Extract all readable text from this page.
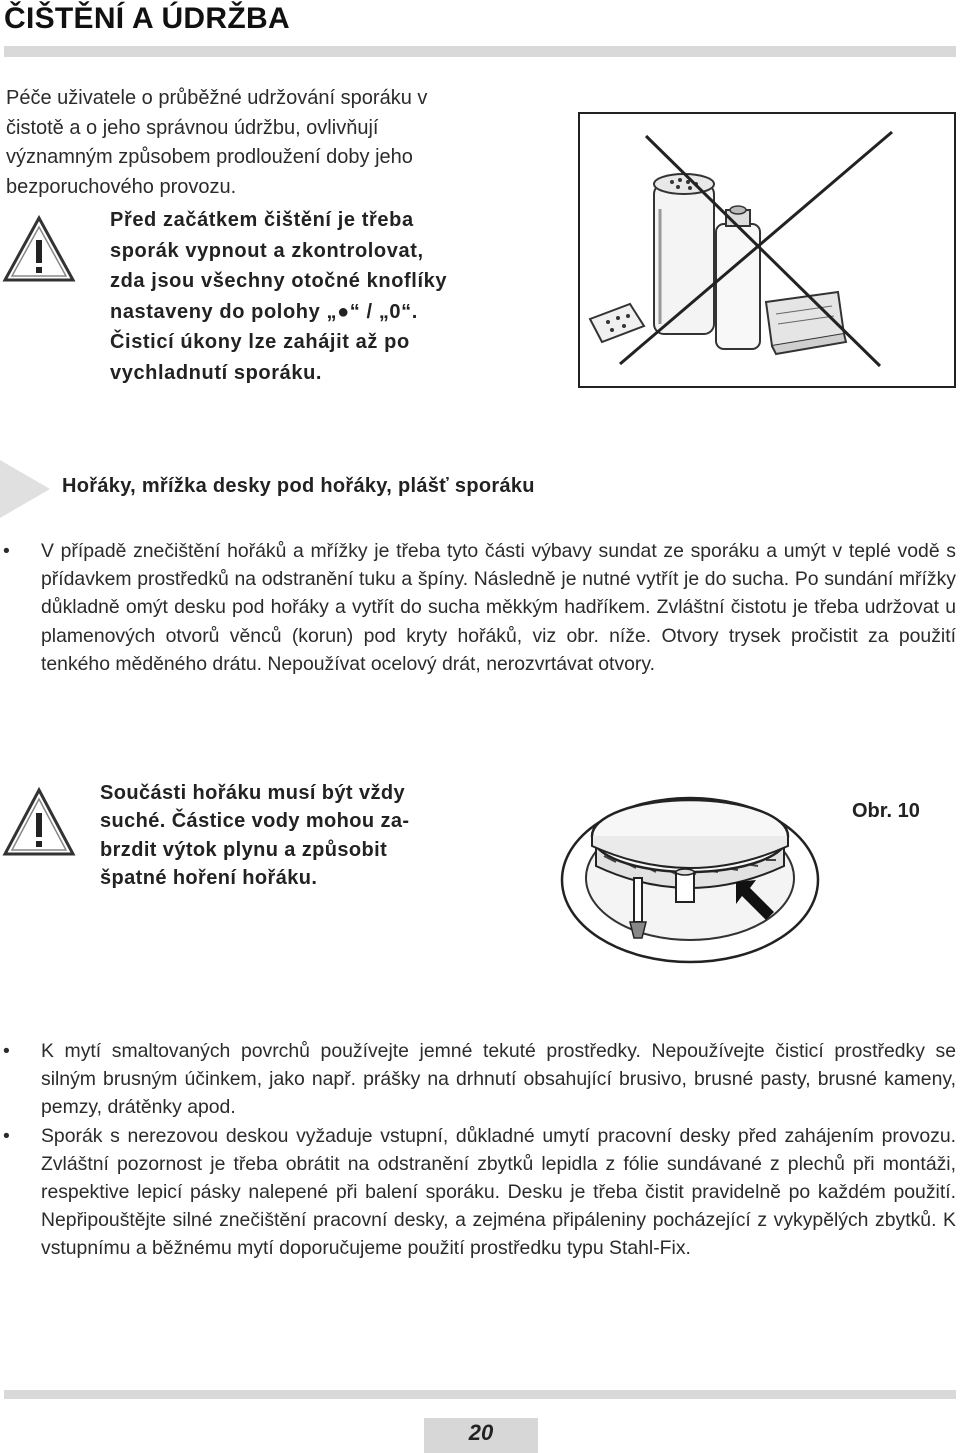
ČIŠTĚNÍ A ÚDRŽBA
Péče uživatele o průběžné udržování sporáku v čistotě a o jeho správnou údržbu, ovlivňují významným způsobem prodloužení doby jeho bezporuchového provozu.
Před začátkem čištění je třeba
sporák vypnout a zkontrolovat,
zda jsou všechny otočné knoflíky
nastaveny do polohy „●“ / „0“.
Čisticí úkony lze zahájit až po
vychladnutí sporáku.
Hořáky, mřížka desky pod hořáky, plášť sporáku
• V případě znečištění hořáků a mřížky je třeba tyto části výbavy sundat ze sporáku a umýt v teplé vodě s přídavkem prostředků na odstranění tuku a špíny. Následně je nutné vytřít je do sucha. Po sundání mřížky důkladně omýt desku pod hořáky a vytřít do sucha měkkým hadříkem. Zvláštní čistotu je třeba udržovat u plamenových otvorů věnců (korun) pod kryty hořáků, viz obr. níže. Otvory trysek pročistit za použití tenkého měděného drátu. Nepoužívat ocelový drát, nerozvrtávat otvory.
Součásti hořáku musí být vždy
suché. Částice vody mohou za-
brzdit výtok plynu a způsobit
špatné hoření hořáku.
Obr. 10
• K mytí smaltovaných povrchů používejte jemné tekuté prostředky. Nepoužívejte čisticí prostředky se silným brusným účinkem, jako např. prášky na drhnutí obsahující brusivo, brusné pasty, brusné kameny, pemzy, drátěnky apod.
• Sporák s nerezovou deskou vyžaduje vstupní, důkladné umytí pracovní desky před zahájením provozu. Zvláštní pozornost je třeba obrátit na odstranění zbytků lepidla z fólie sundávané z plechů při montáži, respektive lepicí pásky nalepené při balení sporáku. Desku je třeba čistit pravidelně po každém použití. Nepřipouštějte silné znečištění pracovní desky, a zejména připáleniny pocházející z vykypělých zbytků. K vstupnímu a běžnému mytí doporučujeme použití prostředku typu Stahl-Fix.
20
